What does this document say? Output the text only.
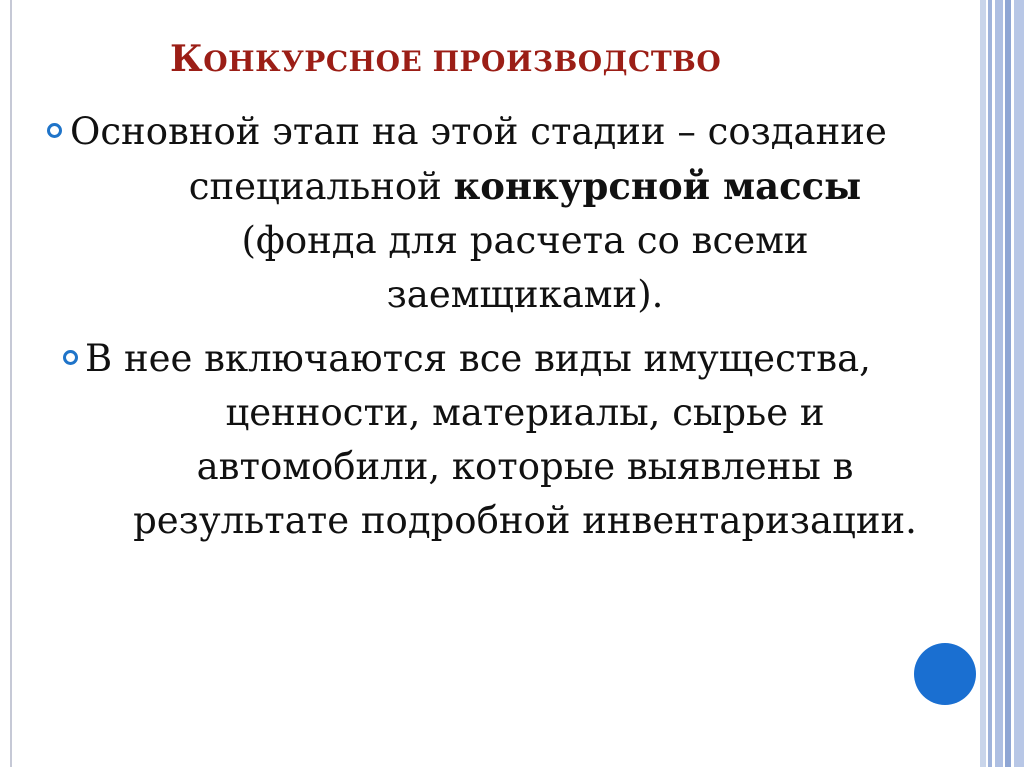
КОНКУРСНОЕ ПРОИЗВОДСТВО
Основной этап на этой стадии – создание
специальной конкурсной массы
(фонда для расчета со всеми
заемщиками).
В нее включаются все виды имущества,
ценности, материалы, сырье и
автомобили, которые выявлены в
результате подробной инвентаризации.
